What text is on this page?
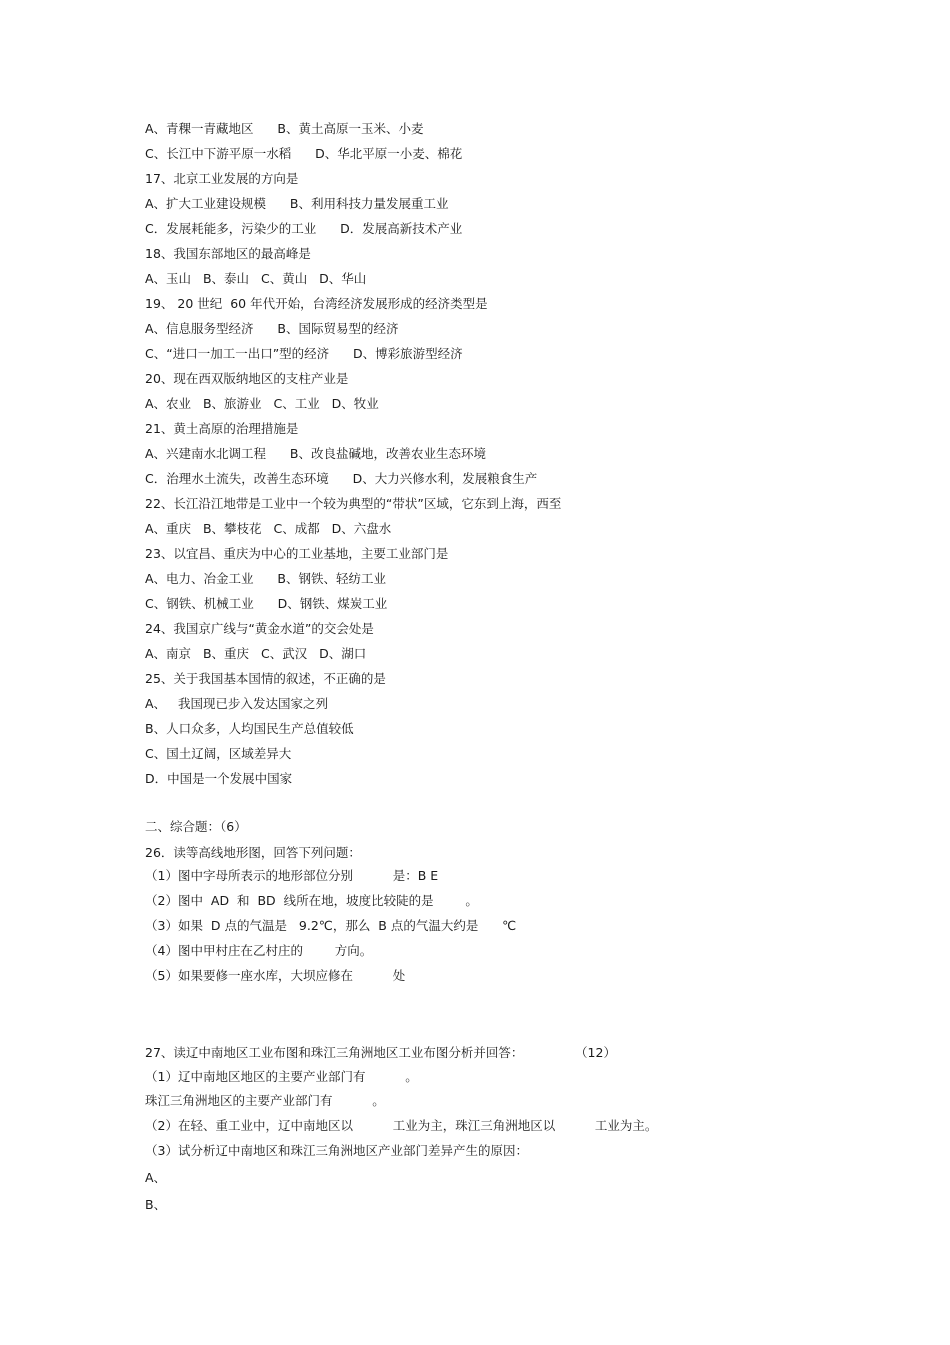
A、青稞一青藏地区      B、黄土高原一玉米、小麦
C、长江中下游平原一水稻      D、华北平原一小麦、棉花
17、北京工业发展的方向是
A、扩大工业建设规模      B、利用科技力量发展重工业
C．发展耗能多，污染少的工业      D．发展高新技术产业
18、我国东部地区的最高峰是
A、玉山   B、泰山   C、黄山   D、华山
19、 20 世纪  60 年代开始，台湾经济发展形成的经济类型是
A、信息服务型经济      B、国际贸易型的经济
C、“进口一加工一出口”型的经济      D、博彩旅游型经济
20、现在西双版纳地区的支柱产业是
A、农业   B、旅游业   C、工业   D、牧业
21、黄土高原的治理措施是
A、兴建南水北调工程      B、改良盐碱地，改善农业生态环境
C．治理水土流失，改善生态环境      D、大力兴修水利，发展粮食生产
22、长江沿江地带是工业中一个较为典型的“带状”区域，它东到上海，西至
A、重庆   B、攀枝花   C、成都   D、六盘水
23、以宜昌、重庆为中心的工业基地，主要工业部门是
A、电力、冶金工业      B、钢铁、轻纺工业
C、钢铁、机械工业      D、钢铁、煤炭工业
24、我国京广线与“黄金水道”的交会处是
A、南京   B、重庆   C、武汉   D、湖口
25、关于我国基本国情的叙述，不正确的是
A、   我国现已步入发达国家之列
B、人口众多，人均国民生产总值较低
C、国土辽阔，区域差异大
D．中国是一个发展中国家
二、综合题：（6）
26．读等高线地形图，回答下列问题：
（1）图中字母所表示的地形部位分别          是：B E
（2）图中  AD  和  BD  线所在地，坡度比较陡的是        。
（3）如果  D 点的气温是   9.2℃，那么  B 点的气温大约是      ℃
（4）图中甲村庄在乙村庄的        方向。
（5）如果要修一座水库，大坝应修在          处
27、读辽中南地区工业布图和珠江三角洲地区工业布图分析并回答：             （12）
（1）辽中南地区地区的主要产业部门有          。
珠江三角洲地区的主要产业部门有          。
（2）在轻、重工业中，辽中南地区以          工业为主，珠江三角洲地区以          工业为主。
（3）试分析辽中南地区和珠江三角洲地区产业部门差异产生的原因：
A、
B、
